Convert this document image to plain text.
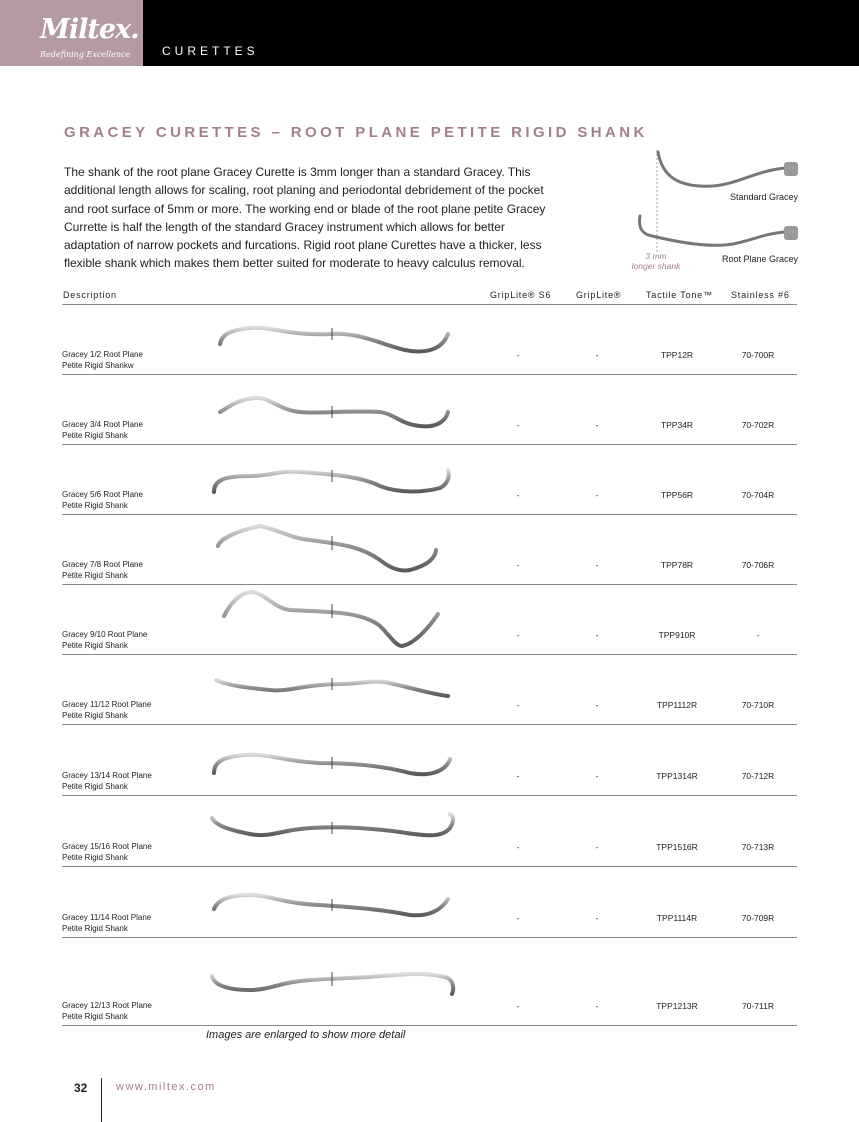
Miltex.
Redefining Excellence	CURETTES
GRACEY CURETTES – ROOT PLANE PETITE RIGID SHANK

The shank of the root plane Gracey Curette is 3mm longer than a standard Gracey. This additional length allows for scaling, root planing and periodontal debridement of the pocket and root surface of 5mm or more. The working end or blade of the root plane petite Gracey Currette is half the length of the standard Gracey instrument which allows for better adaptation of narrow pockets and furcations. Rigid root plane Curettes have a thicker, less flexible shank which makes them better suited for moderate to heavy calculus removal.

Standard Gracey
Root Plane Gracey
3 mm
longer shank
Description	GripLite® S6	GripLite®	Tactile Tone™ Stainless #6
Gracey 1/2 Root Plane
Petite Rigid Shankw
-	-	TPP12R	70-700R
Gracey 3/4 Root Plane
Petite Rigid Shank
-	-	TPP34R	70-702R
Gracey 5/6 Root Plane
Petite Rigid Shank
-	-	TPP56R	70-704R
Gracey 7/8 Root Plane
Petite Rigid Shank
-	-	TPP78R	70-706R
Gracey 9/10 Root Plane
Petite Rigid Shank
-	-	TPP910R	-
Gracey 11/12 Root Plane
Petite Rigid Shank
-	-	TPP1112R	70-710R
Gracey 13/14 Root Plane
Petite Rigid Shank
-	-	TPP1314R	70-712R
Gracey 15/16 Root Plane
Petite Rigid Shank
-	-	TPP1516R	70-713R
Gracey 11/14 Root Plane
Petite Rigid Shank
-	-	TPP1114R	70-709R
Gracey 12/13 Root Plane
Petite Rigid Shank
-	-	TPP1213R	70-711R
Images are enlarged to show more detail
32	www.miltex.com
